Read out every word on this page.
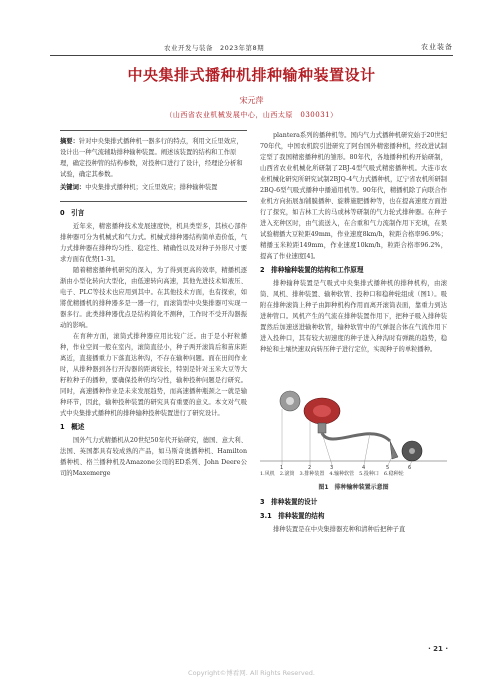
农业开发与装备　2023年第8期	农业装备
中央集排式播种机排种输种装置设计
宋元萍
（山西省农业机械发展中心，山西太原　030031）
摘要：针对中央集排式播种机一器多行的特点，利用文丘里效应，设计出一种气流辅助排种输种装置。阐述该装置的结构和工作原理，确定投种管的结构参数，对投种口进行了设计，经理论分析和试验，确定其参数。
关键词：中央集排式播种机；文丘里效应；排种输种装置
0　引言

近年来，精密播种技术发展速度快，机具类型多，其核心部件排种器可分为机械式和气力式。机械式排种器结构简单造价低，气力式排种器在排种均匀性、稳定性、精确性以及对种子外形尺寸要求方面有优势[1-3]。

随着精密播种机研究的深入，为了得到更高的效率，精播机逐渐由小型化转向大型化，由低速转向高速，其他先进技术如液压、电子、PLC等技术也应用到其中。在其他技术方面，也有探索，如將优精播机的排种器多是一器一行，而滚筒型中央集排器可实现一器多行。此类排种器优点是结构简化不测种，工作时不受开沟器振动的影响。

在育种方面，滚筒式排种器应用比较广泛。由于是小籽粒播种，作业空间一般在室内，滚筒直径小，种子两开滚筒后和苗床距离近，直接播重力下落直达种沟，不存在输种问题。面在田间作业时，从排种器到各行开沟器的距离较长，特别是针对玉米大豆等大籽粒种子的播种，要确保投种的均匀性，输种投种问题是行研究。同时，高速播种作业是未来发展趋势，而高速播种瓶颈之一就是输种环节，因此，输种投种装置的研究具有重要的意义。本文对气吸式中央集排式播种机的排种输种投种装置进行了研究设计。

1　概述

国外气力式精播机从20世纪50年代开始研究，德国、意大利、法国、英国都具有较成熟的产品，如马斯奇奥播种机、Hamilton播种机、格兰播种机及Amazone公司的ED系列、John Deere公司的Maxemerge

plantera系列的播种机等。国内气力式播种机研究始于20世纪70年代，中国农机院引进研究了阿台国外精密播种机，经改进试制定型了我国精密播种机的雏形。80年代，各地播种机构开始研制，山西省农业机械化所研制了2BJ-4型气吸式精密播种机。大连市农业机械化研究所研究试制2BJQ-4气力式播种机，辽宁省农机所研制2BQ-6型气吸式播种中播通用机等。90年代，精播机除了向联合作业机方向拓展加铺膜播种、旋耕施肥播种等，也在提高速度方面进行了探究，如吉林工大的马或林等研制的气力轮式排种器。在种子进入充种区时，由气流送入，在合重和气力流制作用下充填，在果试验精播大豆粒距49mm，作业速度8km/h，粒距合格率96.9%；精播玉米粒距149mm，作业速度10km/h，粒距合格率96.2%，提高了作业速度[4]。

2　排种输种装置的结构和工作原理

排种输种装置是气吸式中央集排式播种机的排种机构，由滚筒、风机、排种装置、输种软管、投种口和稳种轮组成（图1）。吸附在排种滚筒上种子由卸种机构作用而离开滚筒表面，靠重力到达进种管口。风机产生的气流在排种装置作用下，把种子吸入排种装置然后加速送进输种软管，输种软管中的气弹混合体在气流作用下进入投种口，其有较大初速度的种子进入种沟时有弹跳的趋势，稳种轮和土壤快速双向转压种子进行定位，实现种子的单粒播种。

1	2	3	4	5	6
1.风机　2.滚筒　3.排种装置　4.输种软管　5.投种口　6.稳种轮
图1　排种输种装置示意图
3　排种装置的设计
3.1　排种装置的结构

排种装置是在中央集排器充种和清种后把种子直

· 21 ·
Copyright©博看网. All Rights Reserved.
